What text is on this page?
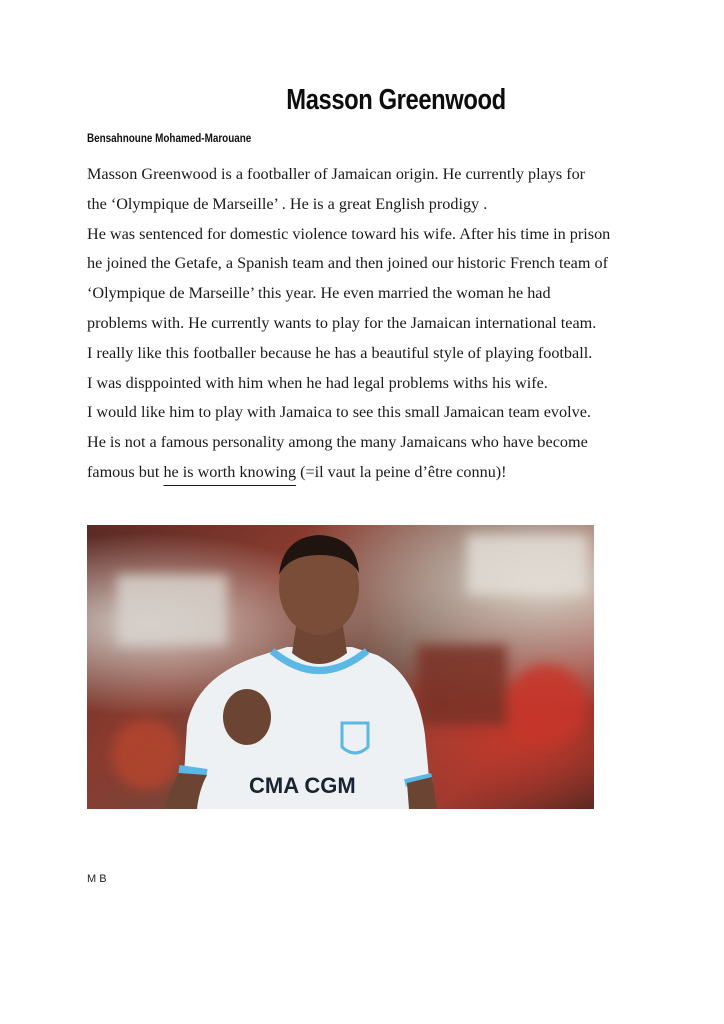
Masson Greenwood

Bensahnoune Mohamed-Marouane

Masson Greenwood is a footballer of Jamaican origin. He currently plays for
the ‘Olympique de Marseille’ . He is a great English prodigy .
He was sentenced for domestic violence toward his wife. After his time in prison
he joined the Getafe, a Spanish team and then joined our historic French team of
‘Olympique de Marseille’ this year. He even married the woman he had
problems with. He currently wants to play for the Jamaican international team.
I really like this footballer because he has a beautiful style of playing football.
I was disppointed with him when he had legal problems withs his wife.
I would like him to play with Jamaica to see this small Jamaican team evolve.
He is not a famous personality among the many Jamaicans who have become
famous but he is worth knowing (=il vaut la peine d’être connu)!
CMA CGM

M B
